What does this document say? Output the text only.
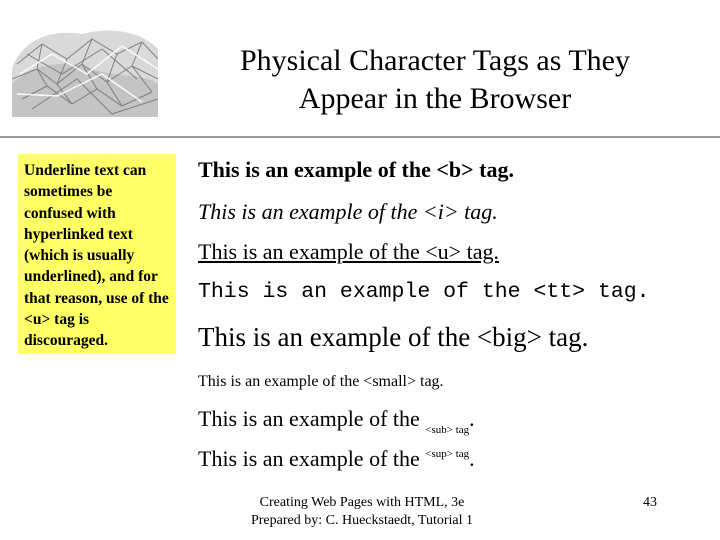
Physical Character Tags as They
Appear in the Browser
Underline text can sometimes be confused with hyperlinked text (which is usually underlined), and for that reason, use of the <u> tag is discouraged.
This is an example of the <b> tag.
This is an example of the <i> tag.
This is an example of the <u> tag.
This is an example of the <tt> tag.
This is an example of the <big> tag.
This is an example of the <small> tag.
This is an example of the $_{<sub> tag}$.
This is an example of the $^{<sup> tag}$.
Creating Web Pages with HTML, 3e
Prepared by: C. Hueckstaedt, Tutorial 1
43
